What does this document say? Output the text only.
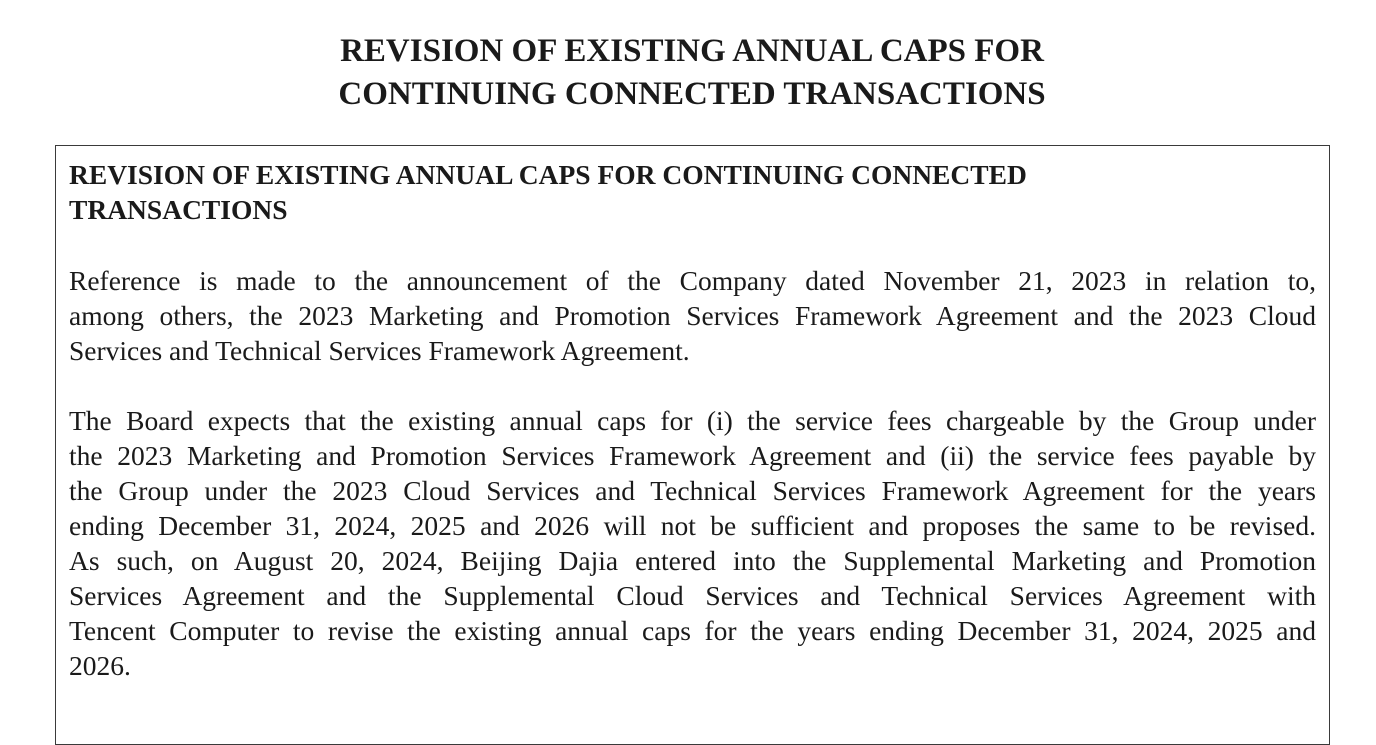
REVISION OF EXISTING ANNUAL CAPS FOR
CONTINUING CONNECTED TRANSACTIONS
REVISION OF EXISTING ANNUAL CAPS FOR CONTINUING CONNECTED
TRANSACTIONS

Reference is made to the announcement of the Company dated November 21, 2023 in relation to,
among others, the 2023 Marketing and Promotion Services Framework Agreement and the 2023 Cloud
Services and Technical Services Framework Agreement.

The Board expects that the existing annual caps for (i) the service fees chargeable by the Group under
the 2023 Marketing and Promotion Services Framework Agreement and (ii) the service fees payable by
the Group under the 2023 Cloud Services and Technical Services Framework Agreement for the years
ending December 31, 2024, 2025 and 2026 will not be sufficient and proposes the same to be revised.
As such, on August 20, 2024, Beijing Dajia entered into the Supplemental Marketing and Promotion
Services Agreement and the Supplemental Cloud Services and Technical Services Agreement with
Tencent Computer to revise the existing annual caps for the years ending December 31, 2024, 2025 and
2026.
